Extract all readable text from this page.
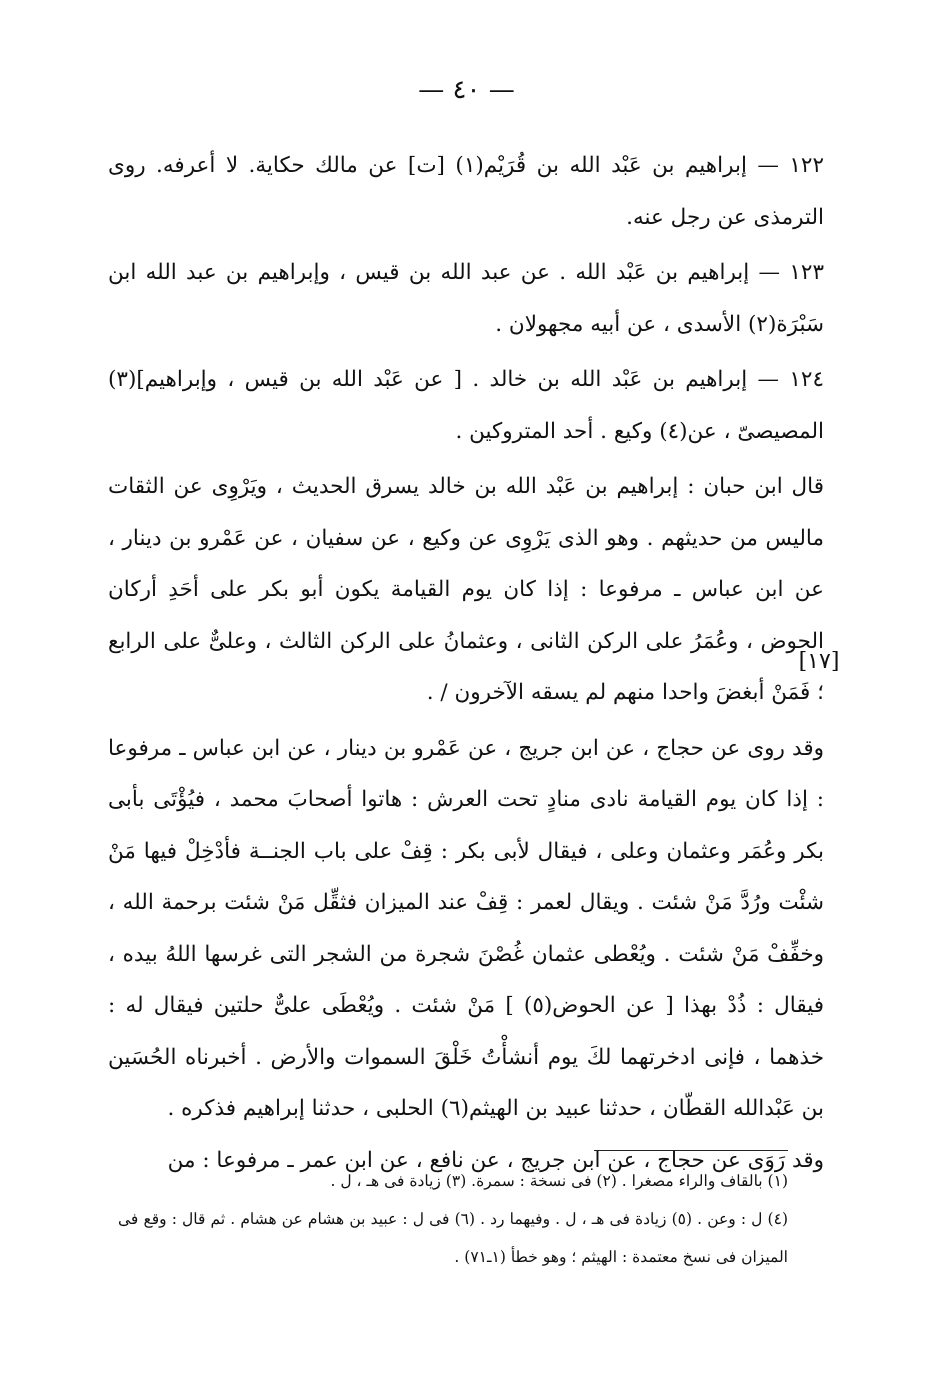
— ٤٠ —

١٢٢ — إبراهيم بن عَبْد الله بن قُرَيْم(١) [ت] عن مالك حكاية. لا أعرفه. روى الترمذى عن رجل عنه.

١٢٣ — إبراهيم بن عَبْد الله . عن عبد الله بن قيس ، وإبراهيم بن عبد الله ابن سَبْرَة(٢) الأسدى ، عن أبيه مجهولان .

١٢٤ — إبراهيم بن عَبْد الله بن خالد . [ عن عَبْد الله بن قيس ، وإبراهيم](٣) المصيصىّ ، عن(٤) وكيع . أحد المتروكين .

قال ابن حبان : إبراهيم بن عَبْد الله بن خالد يسرق الحديث ، ويَرْوِى عن الثقات ماليس من حديثهم . وهو الذى يَرْوِى عن وكيع ، عن سفيان ، عن عَمْرو بن دينار ، عن ابن عباس ـ مرفوعا : إذا كان يوم القيامة يكون أبو بكر على أحَدِ أركان الحوض ، وعُمَرُ على الركن الثانى ، وعثمانُ على الركن الثالث ، وعلىٌّ على الرابع ؛ فَمَنْ أبغضَ واحدا منهم لم يسقه الآخرون / .

وقد روى عن حجاج ، عن ابن جريج ، عن عَمْرو بن دينار ، عن ابن عباس ـ مرفوعا : إذا كان يوم القيامة نادى منادٍ تحت العرش : هاتوا أصحابَ محمد ، فيُؤْتَى بأبى بكر وعُمَر وعثمان وعلى ، فيقال لأبى بكر : قِفْ على باب الجنــة فأدْخِلْ فيها مَنْ شئْت ورُدَّ مَنْ شئت . ويقال لعمر : قِفْ عند الميزان فثقِّل مَنْ شئت برحمة الله ، وخفِّفْ مَنْ شئت . ويُعْطى عثمان غُصْنَ شجرة من الشجر التى غرسها اللهُ بيده ، فيقال : ذُدْ بهذا [ عن الحوض(٥) ] مَنْ شئت . ويُعْطَى علىٌّ حلتين فيقال له : خذهما ، فإنى ادخرتهما لكَ يوم أنشأْتُ خَلْقَ السموات والأرض . أخبرناه الحُسَين بن عَبْدالله القطّان ، حدثنا عبيد بن الهيثم(٦) الحلبى ، حدثنا إبراهيم فذكره .

وقد رَوَى عن حجاج ، عن ابن جريج ، عن نافع ، عن ابن عمر ـ مرفوعا : من

[١٧]

(١) بالقاف والراء مصغرا . (٢) فى نسخة : سمرة. (٣) زيادة فى هـ ، ل .

(٤) ل : وعن . (٥) زيادة فى هـ ، ل . وفيهما رد . (٦) فى ل : عبيد بن هشام عن هشام . ثم قال : وقع فى الميزان فى نسخ معتمدة : الهيثم ؛ وهو خطأ (١ـ٧١) .
